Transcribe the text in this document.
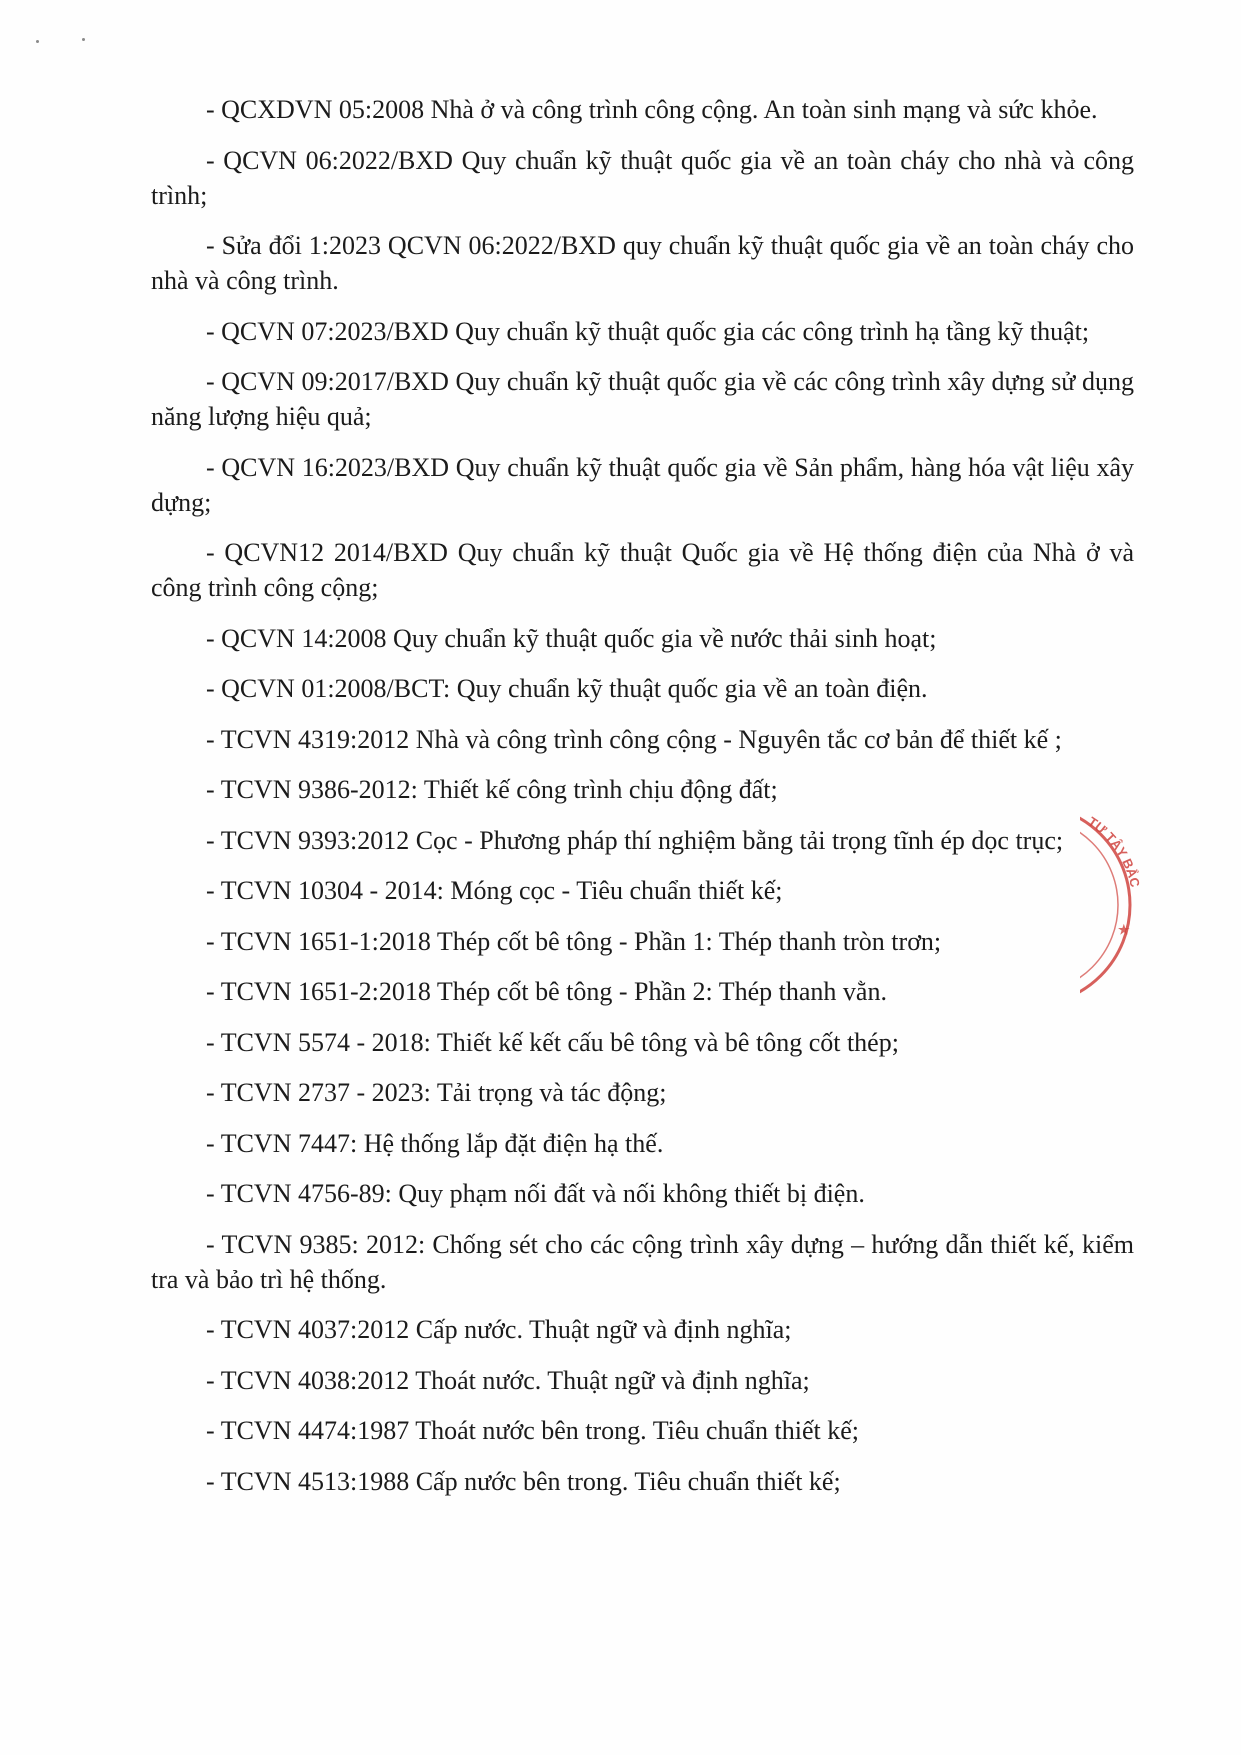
- QCXDVN 05:2008 Nhà ở và công trình công cộng. An toàn sinh mạng và sức khỏe.

- QCVN 06:2022/BXD Quy chuẩn kỹ thuật quốc gia về an toàn cháy cho nhà và công trình;

- Sửa đổi 1:2023 QCVN 06:2022/BXD quy chuẩn kỹ thuật quốc gia về an toàn cháy cho nhà và công trình.

- QCVN 07:2023/BXD Quy chuẩn kỹ thuật quốc gia các công trình hạ tầng kỹ thuật;

- QCVN 09:2017/BXD Quy chuẩn kỹ thuật quốc gia về các công trình xây dựng sử dụng năng lượng hiệu quả;

- QCVN 16:2023/BXD Quy chuẩn kỹ thuật quốc gia về Sản phẩm, hàng hóa vật liệu xây dựng;

- QCVN12 2014/BXD Quy chuẩn kỹ thuật Quốc gia về Hệ thống điện của Nhà ở và công trình công cộng;

- QCVN 14:2008 Quy chuẩn kỹ thuật quốc gia về nước thải sinh hoạt;

- QCVN 01:2008/BCT: Quy chuẩn kỹ thuật quốc gia về an toàn điện.

- TCVN 4319:2012 Nhà và công trình công cộng - Nguyên tắc cơ bản để thiết kế ;

- TCVN 9386-2012: Thiết kế công trình chịu động đất;

- TCVN 9393:2012 Cọc - Phương pháp thí nghiệm bằng tải trọng tĩnh ép dọc trục;

- TCVN 10304 - 2014: Móng cọc - Tiêu chuẩn thiết kế;

- TCVN 1651-1:2018 Thép cốt bê tông - Phần 1: Thép thanh tròn trơn;

- TCVN 1651-2:2018 Thép cốt bê tông - Phần 2: Thép thanh vằn.

- TCVN 5574 - 2018: Thiết kế kết cấu bê tông và bê tông cốt thép;

- TCVN 2737 - 2023: Tải trọng và tác động;

- TCVN 7447: Hệ thống lắp đặt điện hạ thế.

- TCVN 4756-89: Quy phạm nối đất và nối không thiết bị điện.

- TCVN 9385: 2012: Chống sét cho các cộng trình xây dựng – hướng dẫn thiết kế, kiểm tra và bảo trì hệ thống.

- TCVN 4037:2012 Cấp nước. Thuật ngữ và định nghĩa;

- TCVN 4038:2012 Thoát nước. Thuật ngữ và định nghĩa;

- TCVN 4474:1987 Thoát nước bên trong. Tiêu chuẩn thiết kế;

- TCVN 4513:1988 Cấp nước bên trong. Tiêu chuẩn thiết kế;

TƯ TÂY BẮC
★
